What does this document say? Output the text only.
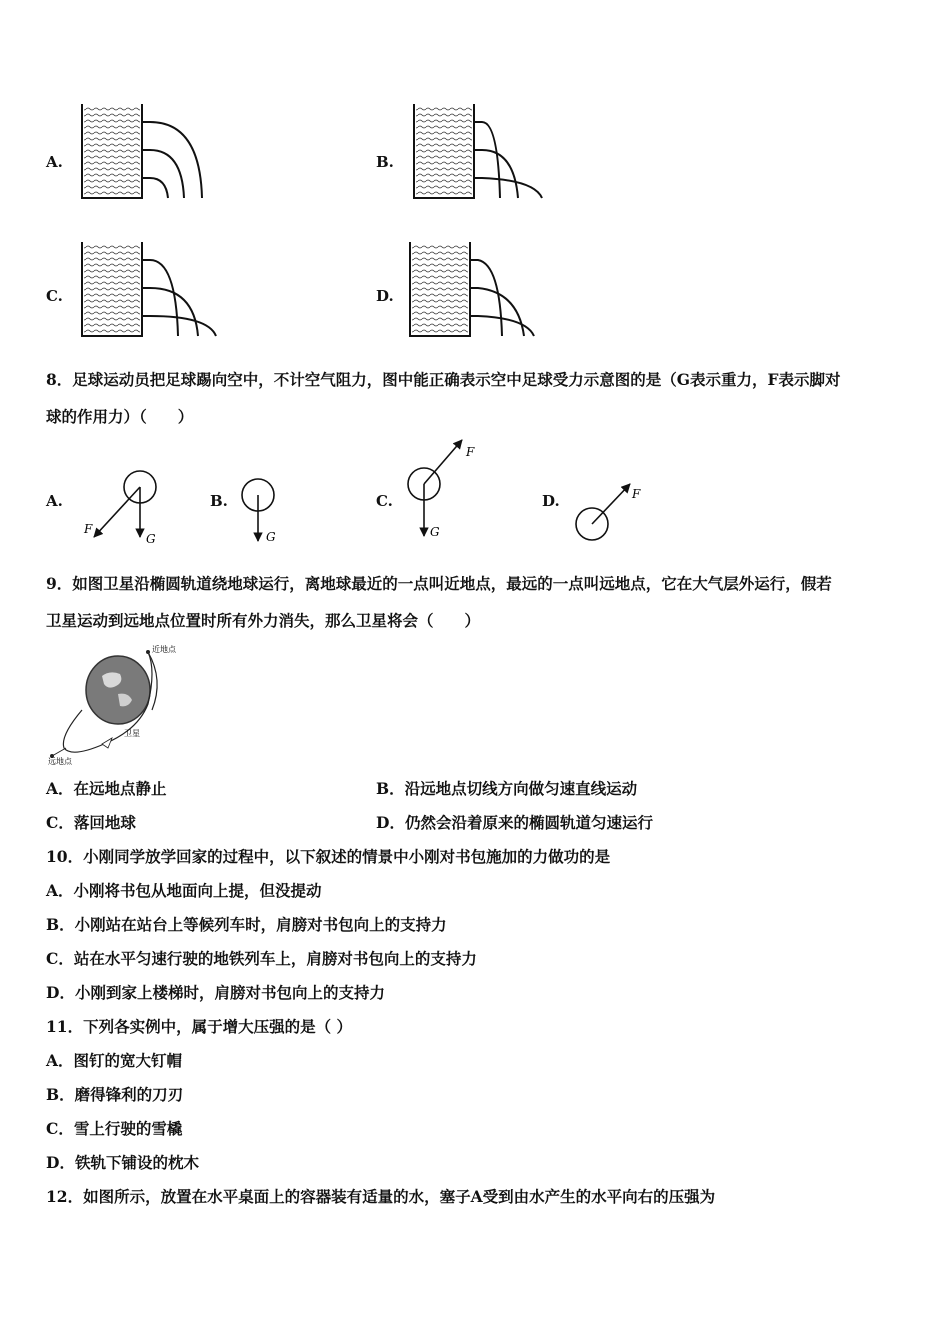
A.	B.
C.	D.
8．足球运动员把足球踢向空中，不计空气阻力，图中能正确表示空中足球受力示意图的是（G表示重力，F表示脚对
球的作用力）（　　）
A.
F
G
B.
G
C.
F
G
D.	F
9．如图卫星沿椭圆轨道绕地球运行，离地球最近的一点叫近地点，最远的一点叫远地点，它在大气层外运行，假若
卫星运动到远地点位置时所有外力消失，那么卫星将会（　　）
近地点
卫星
远地点
A．在远地点静止	B．沿远地点切线方向做匀速直线运动
C．落回地球	D．仍然会沿着原来的椭圆轨道匀速运行
10．小刚同学放学回家的过程中，以下叙述的情景中小刚对书包施加的力做功的是
A．小刚将书包从地面向上提，但没提动
B．小刚站在站台上等候列车时，肩膀对书包向上的支持力
C．站在水平匀速行驶的地铁列车上，肩膀对书包向上的支持力
D．小刚到家上楼梯时，肩膀对书包向上的支持力
11．下列各实例中，属于增大压强的是（ ）
A．图钉的宽大钉帽
B．磨得锋利的刀刃
C．雪上行驶的雪橇
D．铁轨下铺设的枕木
12．如图所示，放置在水平桌面上的容器装有适量的水，塞子A受到由水产生的水平向右的压强为
